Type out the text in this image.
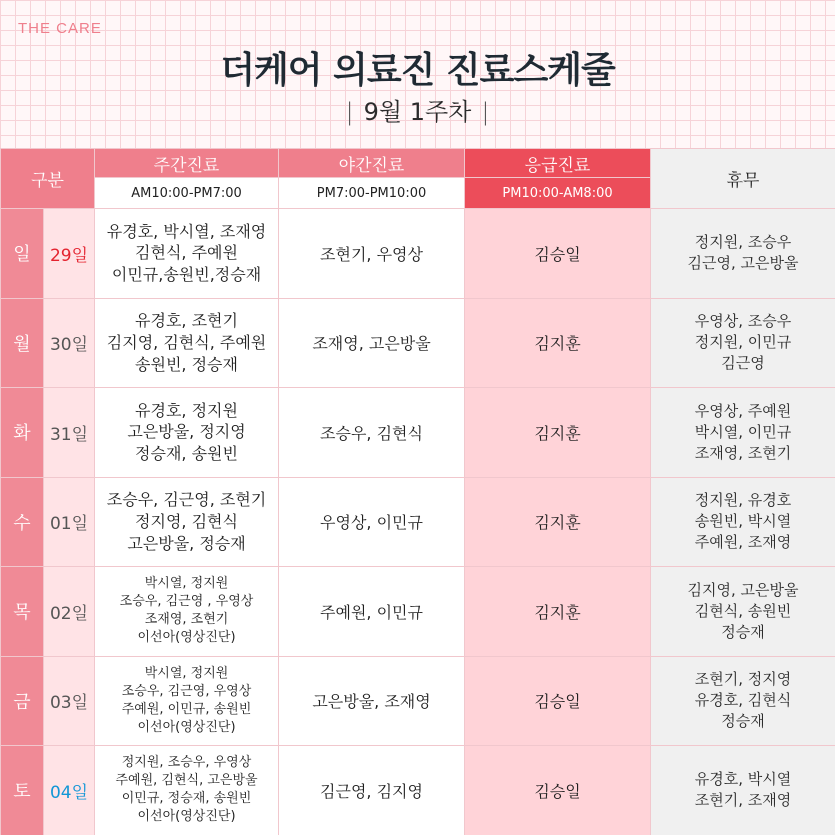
THE CARE
더케어 의료진 진료스케줄
| 9월 1주차 |
구분		주간진료	야간진료	응급진료	휴무
		AM10:00-PM7:00	PM7:00-PM10:00	PM10:00-AM8:00	
일	29일	유경호, 박시열, 조재영
김현식, 주예원
이민규,송원빈,정승재	조현기, 우영상	김승일	정지원, 조승우
김근영, 고은방울

월	30일	유경호, 조현기
김지영, 김현식, 주예원
송원빈, 정승재	조재영, 고은방울	김지훈	우영상, 조승우
정지원, 이민규
김근영

화	31일	유경호, 정지원
고은방울, 정지영
정승재, 송원빈	조승우, 김현식	김지훈	우영상, 주예원
박시열, 이민규
조재영, 조현기

수	01일	조승우, 김근영, 조현기
정지영, 김현식
고은방울, 정승재	우영상, 이민규	김지훈	정지원, 유경호
송원빈, 박시열
주예원, 조재영

목	02일	박시열, 정지원
조승우, 김근영 , 우영상
조재영, 조현기
이선아(영상진단)	주예원, 이민규	김지훈	김지영, 고은방울
김현식, 송원빈
정승재

금	03일	박시열, 정지원
조승우, 김근영, 우영상
주예원, 이민규, 송원빈
이선아(영상진단)	고은방울, 조재영	김승일	조현기, 정지영
유경호, 김현식
정승재

토	04일	정지원, 조승우, 우영상
주예원, 김현식, 고은방울
이민규, 정승재, 송원빈
이선아(영상진단)	김근영, 김지영	김승일	유경호, 박시열
조현기, 조재영
